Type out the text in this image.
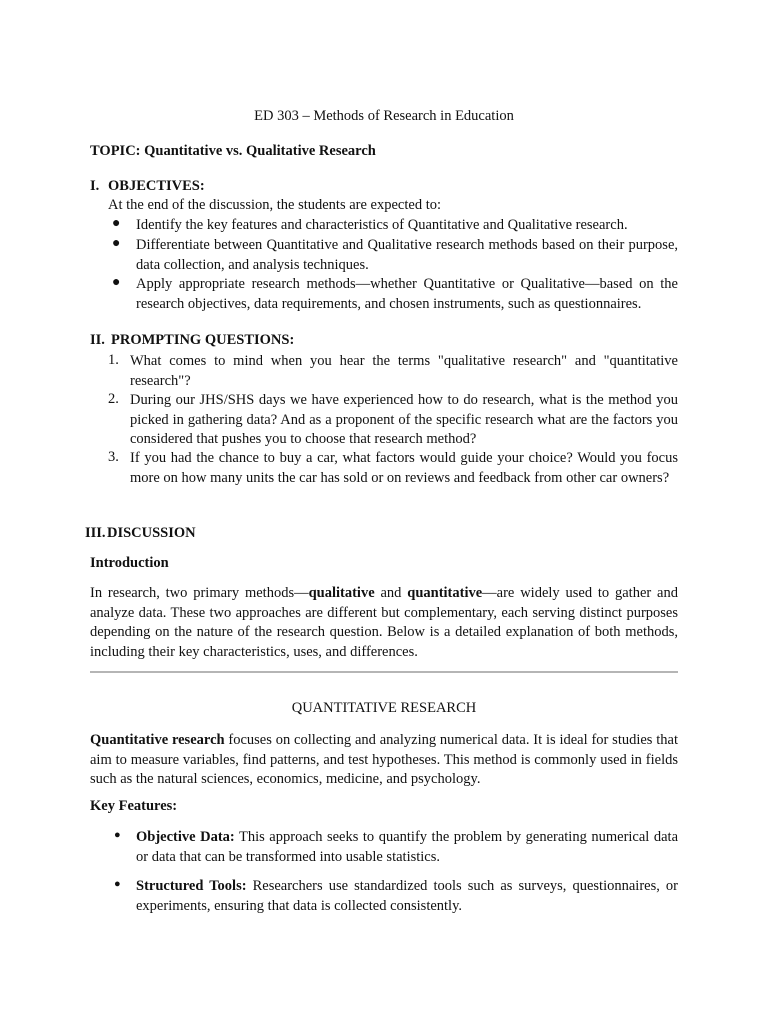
ED 303 – Methods of Research in Education
TOPIC: Quantitative vs. Qualitative Research
I. OBJECTIVES:
At the end of the discussion, the students are expected to:
● Identify the key features and characteristics of Quantitative and Qualitative research.
● Differentiate between Quantitative and Qualitative research methods based on their purpose, data collection, and analysis techniques.
● Apply appropriate research methods—whether Quantitative or Qualitative—based on the research objectives, data requirements, and chosen instruments, such as questionnaires.
II. PROMPTING QUESTIONS:
1. What comes to mind when you hear the terms "qualitative research" and "quantitative research"?
2. During our JHS/SHS days we have experienced how to do research, what is the method you picked in gathering data? And as a proponent of the specific research what are the factors you considered that pushes you to choose that research method?
3. If you had the chance to buy a car, what factors would guide your choice? Would you focus more on how many units the car has sold or on reviews and feedback from other car owners?
III. DISCUSSION
Introduction
In research, two primary methods—qualitative and quantitative—are widely used to gather and analyze data. These two approaches are different but complementary, each serving distinct purposes depending on the nature of the research question. Below is a detailed explanation of both methods, including their key characteristics, uses, and differences.
QUANTITATIVE RESEARCH
Quantitative research focuses on collecting and analyzing numerical data. It is ideal for studies that aim to measure variables, find patterns, and test hypotheses. This method is commonly used in fields such as the natural sciences, economics, medicine, and psychology.
Key Features:
● Objective Data: This approach seeks to quantify the problem by generating numerical data or data that can be transformed into usable statistics.
● Structured Tools: Researchers use standardized tools such as surveys, questionnaires, or experiments, ensuring that data is collected consistently.
